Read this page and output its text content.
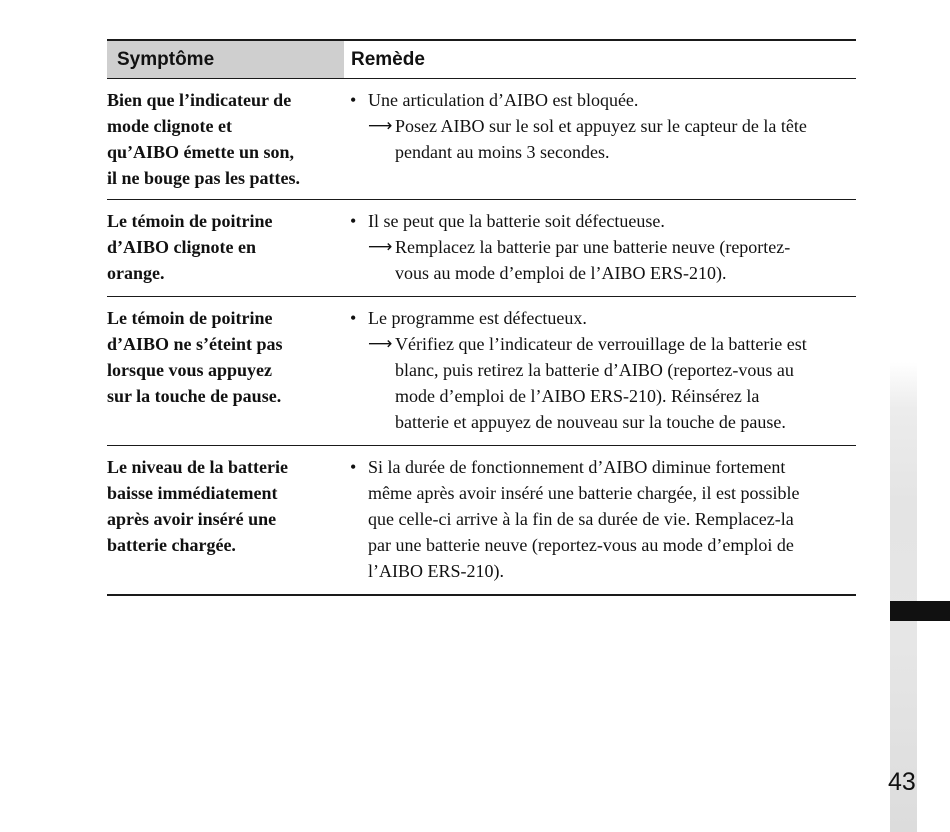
Symptôme	Remède
Bien que l’indicateur de
mode clignote et
qu’AIBO émette un son,
il ne bouge pas les pattes.
• Une articulation d’AIBO est bloquée.
⟶ Posez AIBO sur le sol et appuyez sur le capteur de la tête
pendant au moins 3 secondes.
Le témoin de poitrine
d’AIBO clignote en
orange.
• Il se peut que la batterie soit défectueuse.
⟶ Remplacez la batterie par une batterie neuve (reportez-
vous au mode d’emploi de l’AIBO ERS-210).
Le témoin de poitrine
d’AIBO ne s’éteint pas
lorsque vous appuyez
sur la touche de pause.
• Le programme est défectueux.
⟶ Vérifiez que l’indicateur de verrouillage de la batterie est
blanc, puis retirez la batterie d’AIBO (reportez-vous au
mode d’emploi de l’AIBO ERS-210). Réinsérez la
batterie et appuyez de nouveau sur la touche de pause.
Le niveau de la batterie
baisse immédiatement
après avoir inséré une
batterie chargée.
• Si la durée de fonctionnement d’AIBO diminue fortement
même après avoir inséré une batterie chargée, il est possible
que celle-ci arrive à la fin de sa durée de vie. Remplacez-la
par une batterie neuve (reportez-vous au mode d’emploi de
l’AIBO ERS-210).
43
